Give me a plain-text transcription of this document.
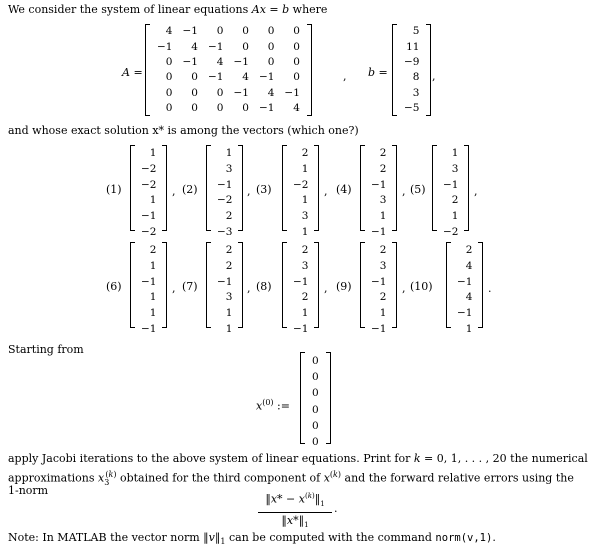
We consider the system of linear equations Ax = b where
A =
4	−1	0	0	0	0
−1	4	−1	0	0	0
0	−1	4	−1	0	0
0	0	−1	4	−1	0
0	0	0	−1	4	−1
0	0	0	0	−1	4
, b =
5
11
−9
8
3
−5
,
and whose exact solution x* is among the vectors (which one?)
(1)
1
−2
−2
1
−1
−2
, (2)
1
3
−1
−2
2
−3
, (3)
2
1
−2
1
3
1
, (4)
2
2
−1
3
1
−1
, (5)
1
3
−1
2
1
−2
,
(6)
2
1
−1
1
1
−1
, (7)
2
2
−1
3
1
1
, (8)
2
3
−1
2
1
−1
, (9)
2
3
−1
2
1
−1
, (10)
2
4
−1
4
−1
1
.
Starting from
$x^{(0)}$ :=
0
0
0
0
0
0
apply Jacobi iterations to the above system of linear equations. Print for k = 0, 1, . . . , 20 the numerical
approximations $x_3^{(k)}$ obtained for the third component of $x^{(k)}$ and the forward relative errors using the
1-norm
‖x* − $x^{(k)}‖_1$
$‖x*‖_1$
.
Note: In MATLAB the vector norm $‖v‖_1$ can be computed with the command norm(v,1).
